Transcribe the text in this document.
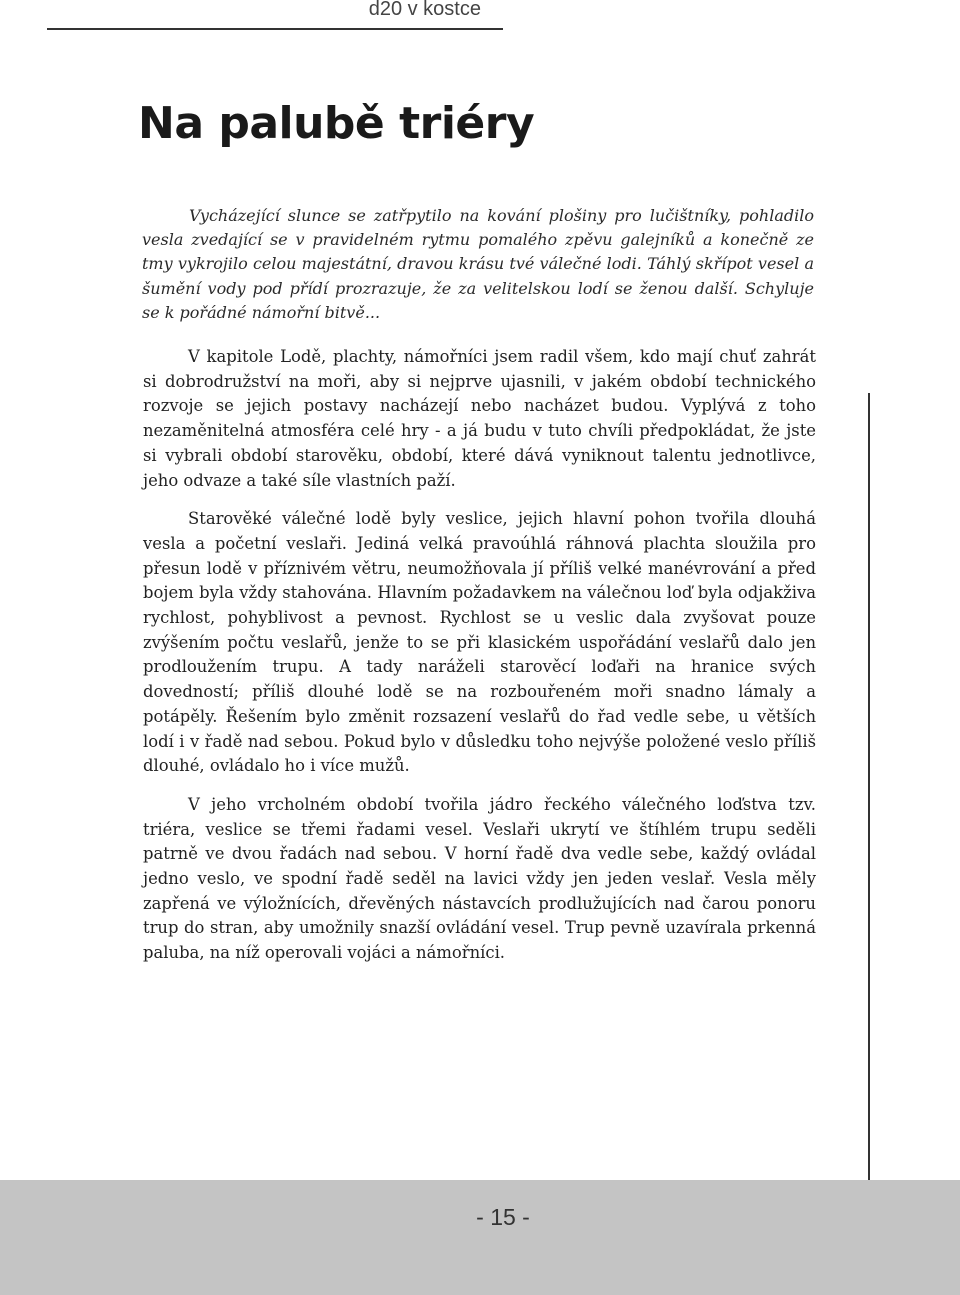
d20 v kostce
Na palubě triéry

Vycházející slunce se zatřpytilo na kování plošiny pro lučištníky, pohladilo vesla zvedající se v pravidelném rytmu pomalého zpěvu galejníků a konečně ze tmy vykrojilo celou majestátní, dravou krásu tvé válečné lodi. Táhlý skřípot vesel a šumění vody pod přídí prozrazuje, že za velitelskou lodí se ženou další. Schyluje se k pořádné námořní bitvě...

V kapitole Lodě, plachty, námořníci jsem radil všem, kdo mají chuť zahrát si dobrodružství na moři, aby si nejprve ujasnili, v jakém období technického rozvoje se jejich postavy nacházejí nebo nacházet budou. Vyplývá z toho nezaměnitelná atmosféra celé hry - a já budu v tuto chvíli předpokládat, že jste si vybrali období starověku, období, které dává vyniknout talentu jednotlivce, jeho odvaze a také síle vlastních paží.

Starověké válečné lodě byly veslice, jejich hlavní pohon tvořila dlouhá vesla a početní veslaři. Jediná velká pravoúhlá ráhnová plachta sloužila pro přesun lodě v příznivém větru, neumožňovala jí příliš velké manévrování a před bojem byla vždy stahována. Hlavním požadavkem na válečnou loď byla odjakživa rychlost, pohyblivost a pevnost. Rychlost se u veslic dala zvyšovat pouze zvýšením počtu veslařů, jenže to se při klasickém uspořádání veslařů dalo jen prodloužením trupu. A tady naráželi starověcí loďaři na hranice svých dovedností; příliš dlouhé lodě se na rozbouřeném moři snadno lámaly a potápěly. Řešením bylo změnit rozsazení veslařů do řad vedle sebe, u větších lodí i v řadě nad sebou. Pokud bylo v důsledku toho nejvýše položené veslo příliš dlouhé, ovládalo ho i více mužů.

V jeho vrcholném období tvořila jádro řeckého válečného loďstva tzv. triéra, veslice se třemi řadami vesel. Veslaři ukrytí ve štíhlém trupu seděli patrně ve dvou řadách nad sebou. V horní řadě dva vedle sebe, každý ovládal jedno veslo, ve spodní řadě seděl na lavici vždy jen jeden veslař. Vesla měly zapřená ve výložnících, dřevěných nástavcích prodlužujících nad čarou ponoru trup do stran, aby umožnily snazší ovládání vesel. Trup pevně uzavírala prkenná paluba, na níž operovali vojáci a námořníci.

- 15 -
